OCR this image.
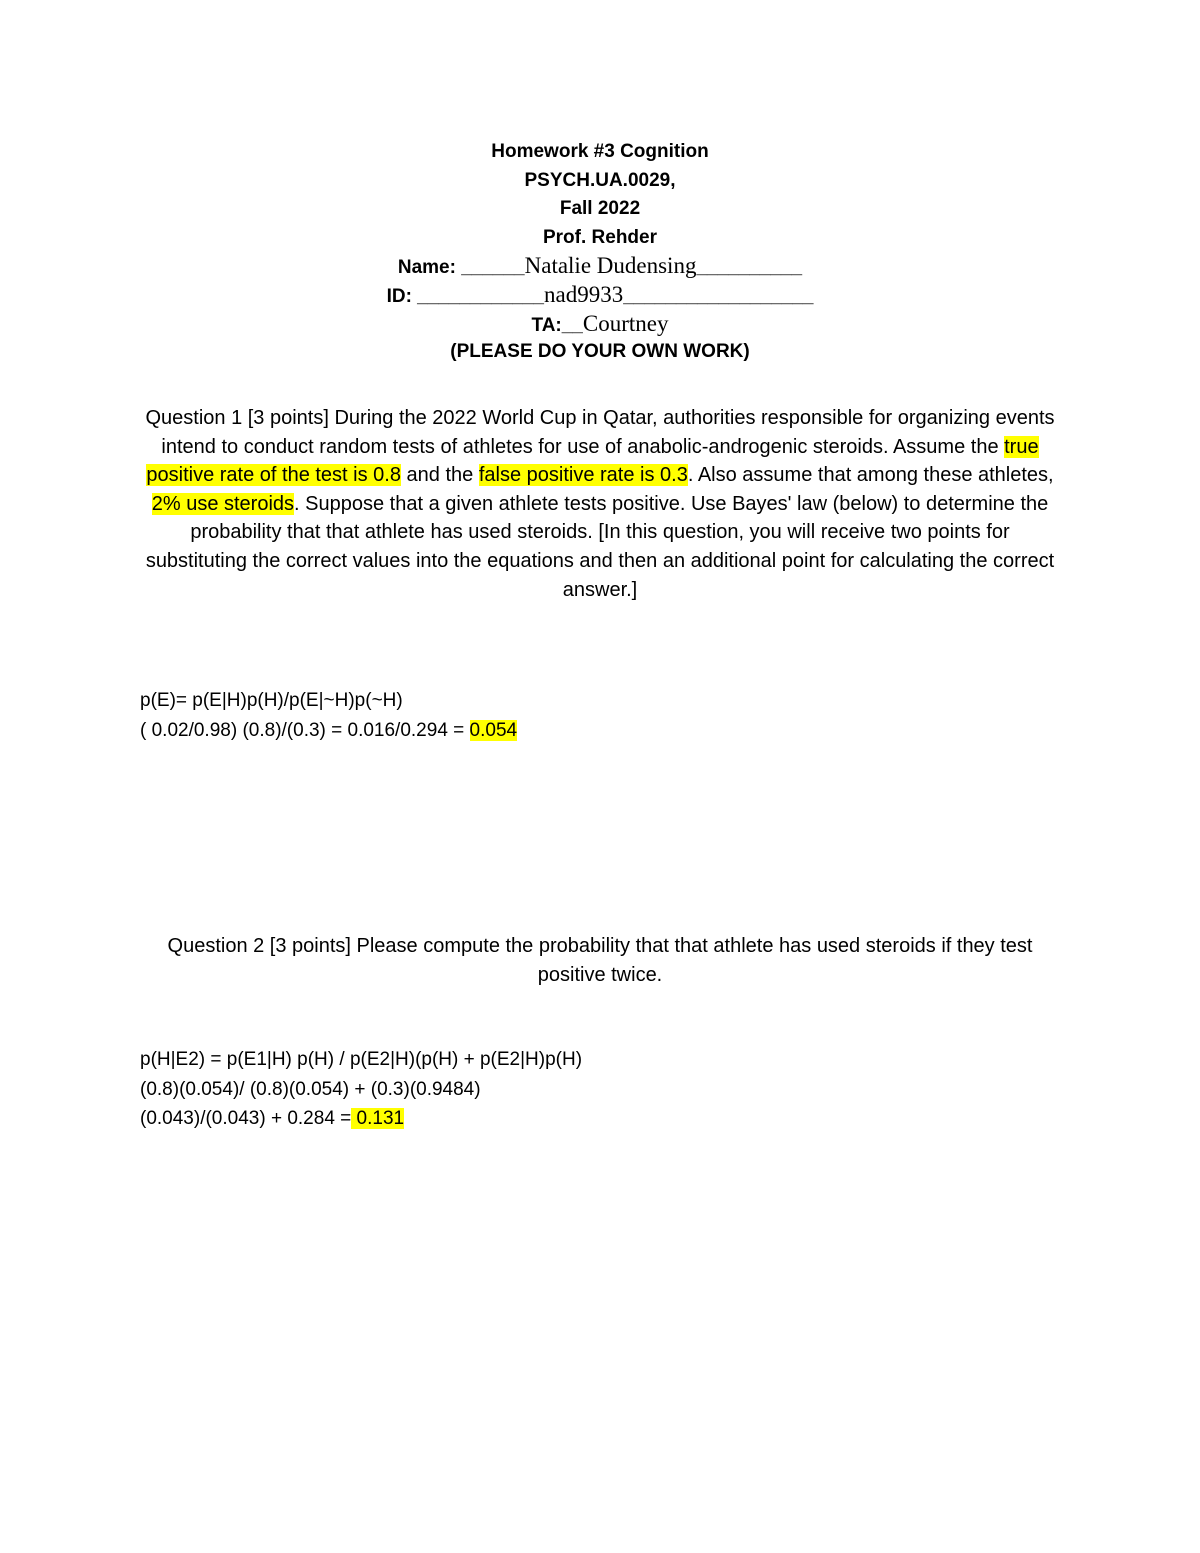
Homework #3 Cognition
PSYCH.UA.0029,
Fall 2022
Prof. Rehder
Name: ______Natalie Dudensing__________
ID: ____________nad9933__________________
TA:__Courtney
(PLEASE DO YOUR OWN WORK)
Question 1 [3 points] During the 2022 World Cup in Qatar, authorities responsible for organizing events intend to conduct random tests of athletes for use of anabolic-androgenic steroids. Assume the true positive rate of the test is 0.8 and the false positive rate is 0.3. Also assume that among these athletes, 2% use steroids. Suppose that a given athlete tests positive. Use Bayes' law (below) to determine the probability that that athlete has used steroids. [In this question, you will receive two points for substituting the correct values into the equations and then an additional point for calculating the correct answer.]
p(E)= p(E|H)p(H)/p(E|~H)p(~H)
( 0.02/0.98) (0.8)/(0.3) = 0.016/0.294 = 0.054
Question 2 [3 points] Please compute the probability that that athlete has used steroids if they test positive twice.
p(H|E2) = p(E1|H) p(H) / p(E2|H)(p(H) + p(E2|H)p(H)
(0.8)(0.054)/ (0.8)(0.054) + (0.3)(0.9484)
(0.043)/(0.043) + 0.284 = 0.131
